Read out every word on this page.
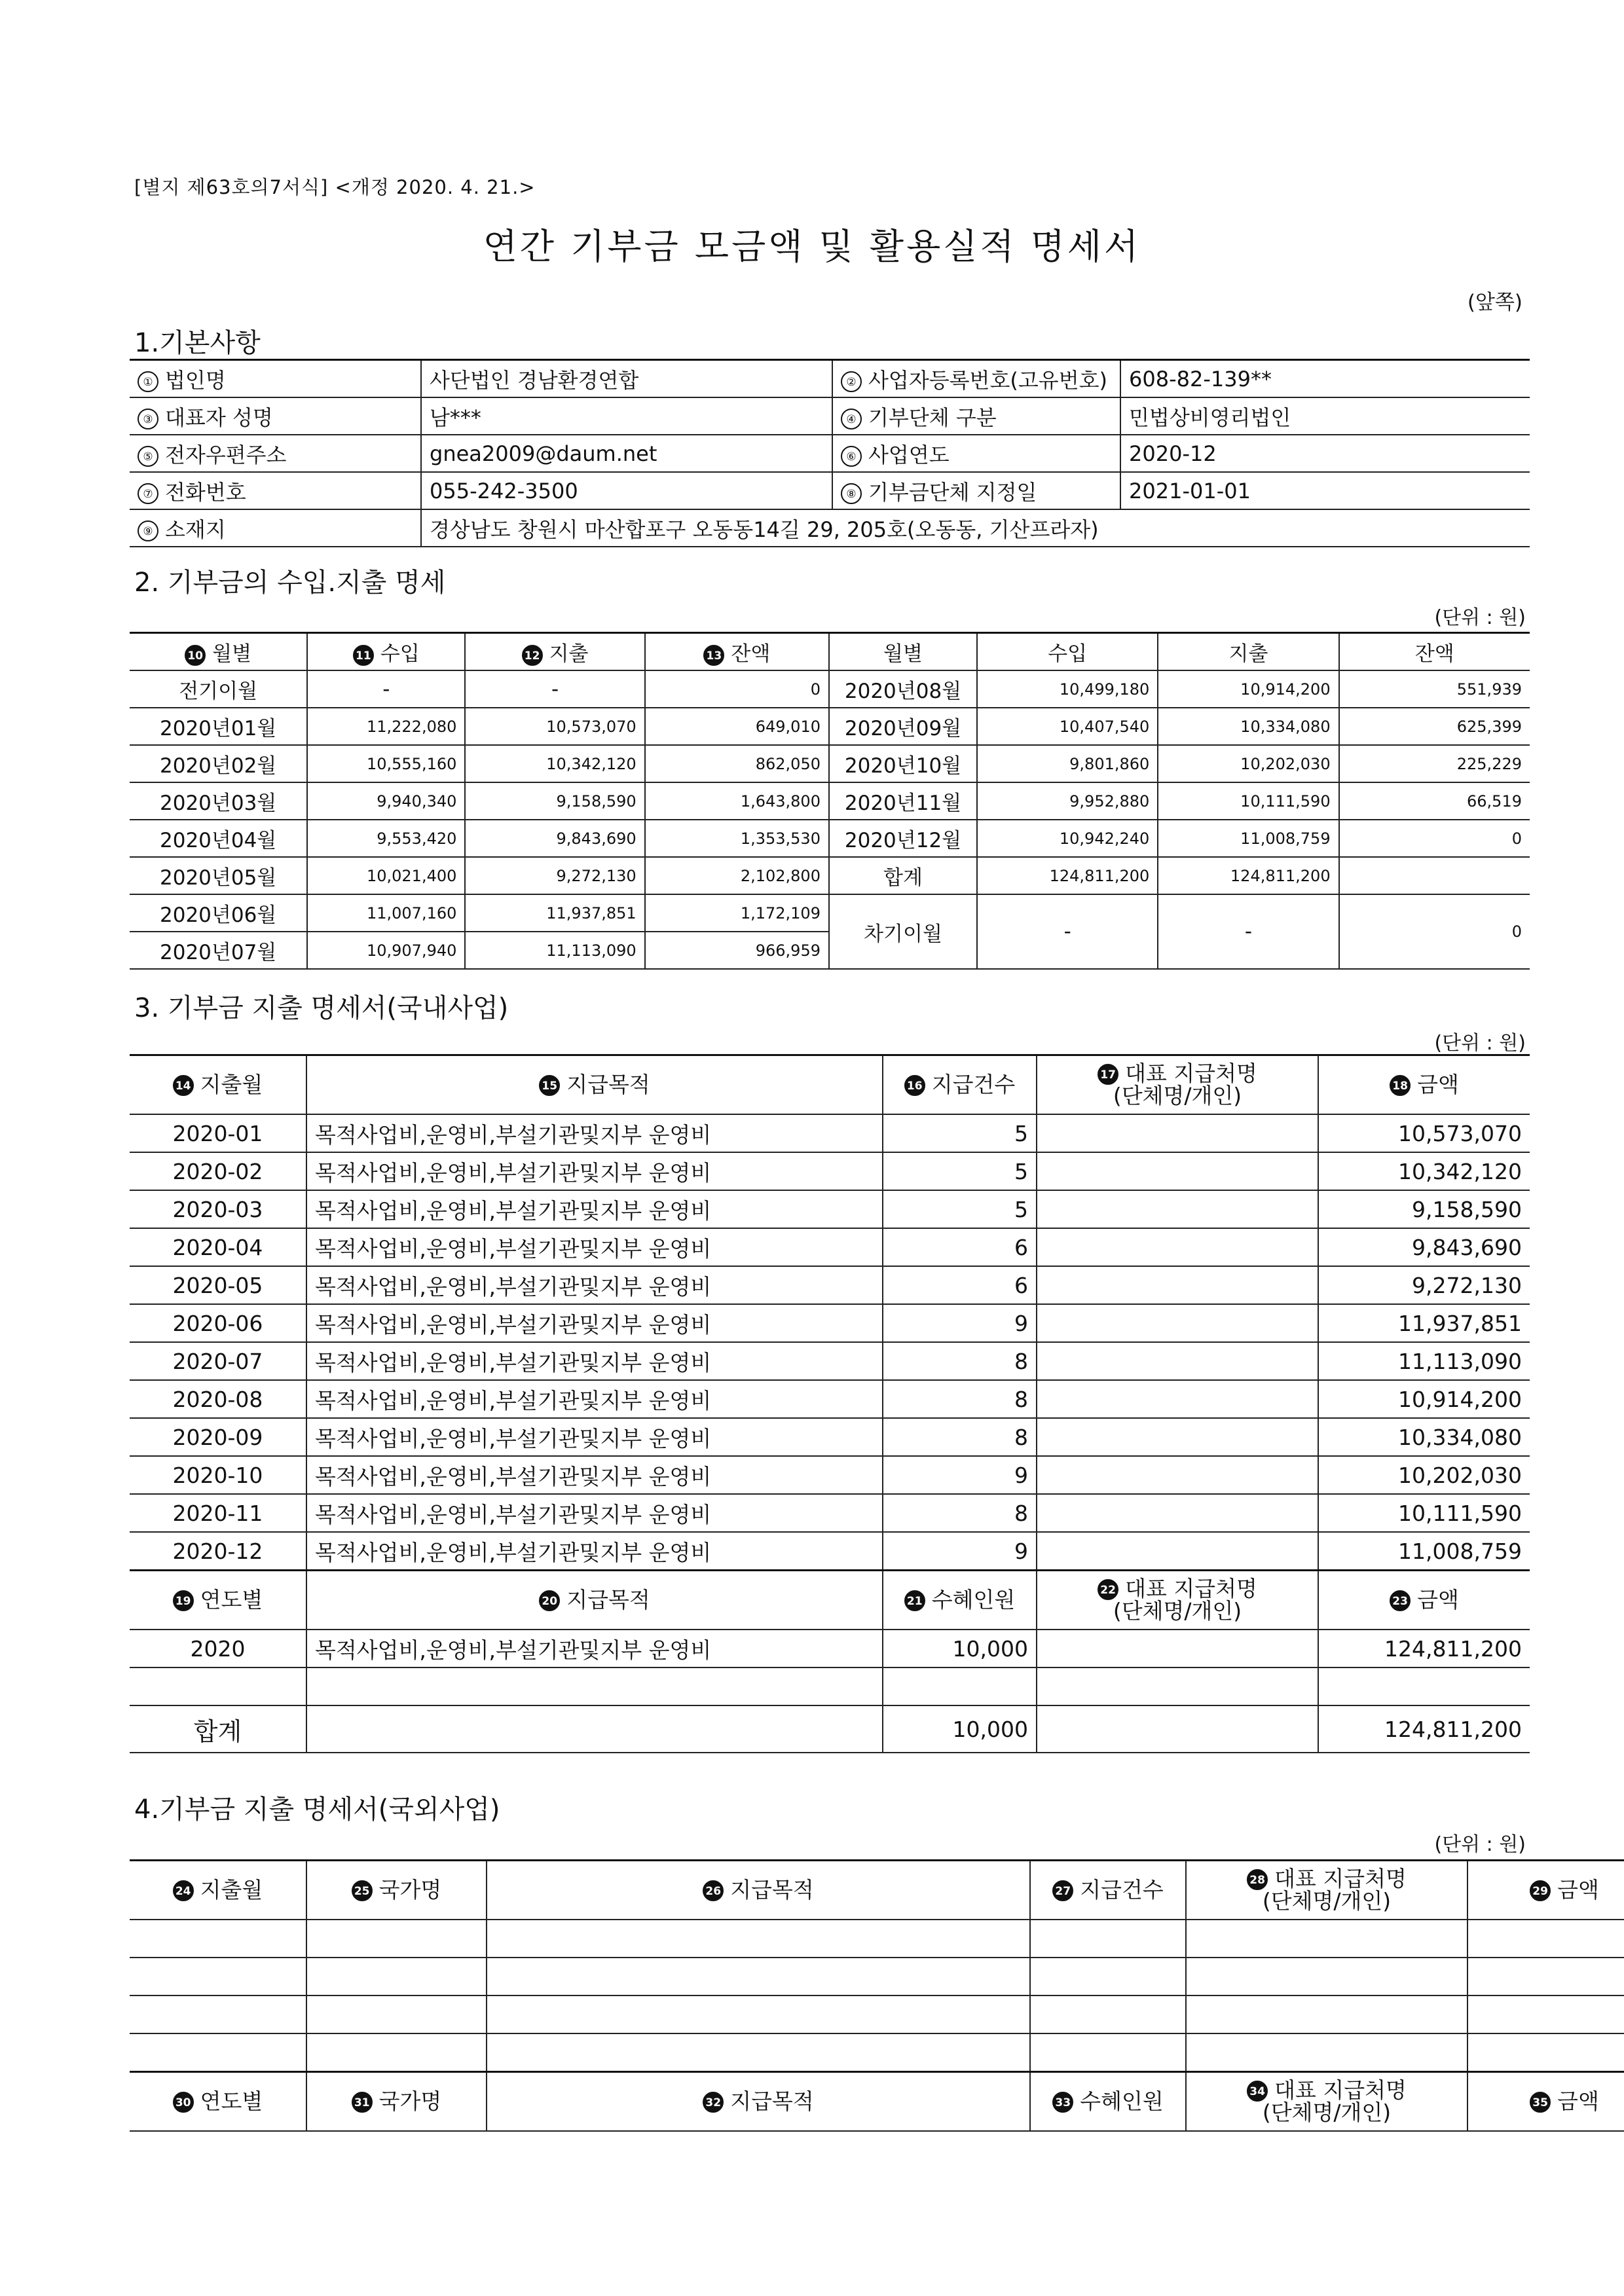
[별지 제63호의7서식] <개정 2020. 4. 21.>
연간 기부금 모금액 및 활용실적 명세서
(앞쪽)
1.기본사항
① 법인명	사단법인 경남환경연합	② 사업자등록번호(고유번호)	608-82-139**
③ 대표자 성명	남***	④ 기부단체 구분	민법상비영리법인
⑤ 전자우편주소	gnea2009@daum.net	⑥ 사업연도	2020-12
⑦ 전화번호	055-242-3500	⑧ 기부금단체 지정일	2021-01-01
⑨ 소재지	경상남도 창원시 마산합포구 오동동14길 29, 205호(오동동, 기산프라자)		
2. 기부금의 수입.지출 명세
(단위 : 원)
10 월별	11 수입	12 지출	13 잔액	월별	수입	지출	잔액
전기이월	-	-	0	2020년08월	10,499,180	10,914,200	551,939
2020년01월	11,222,080	10,573,070	649,010	2020년09월	10,407,540	10,334,080	625,399
2020년02월	10,555,160	10,342,120	862,050	2020년10월	9,801,860	10,202,030	225,229
2020년03월	9,940,340	9,158,590	1,643,800	2020년11월	9,952,880	10,111,590	66,519
2020년04월	9,553,420	9,843,690	1,353,530	2020년12월	10,942,240	11,008,759	0
2020년05월	10,021,400	9,272,130	2,102,800	합계	124,811,200	124,811,200	
2020년06월	11,007,160	11,937,851	1,172,109	차기이월	-	-	0
2020년07월	10,907,940	11,113,090	966,959				
3. 기부금 지출 명세서(국내사업)
(단위 : 원)
14 지출월	15 지급목적	16 지급건수	17 대표 지급처명
(단체명/개인)	18 금액
2020-01	목적사업비,운영비,부설기관및지부 운영비	5		10,573,070
2020-02	목적사업비,운영비,부설기관및지부 운영비	5		10,342,120
2020-03	목적사업비,운영비,부설기관및지부 운영비	5		9,158,590
2020-04	목적사업비,운영비,부설기관및지부 운영비	6		9,843,690
2020-05	목적사업비,운영비,부설기관및지부 운영비	6		9,272,130
2020-06	목적사업비,운영비,부설기관및지부 운영비	9		11,937,851
2020-07	목적사업비,운영비,부설기관및지부 운영비	8		11,113,090
2020-08	목적사업비,운영비,부설기관및지부 운영비	8		10,914,200
2020-09	목적사업비,운영비,부설기관및지부 운영비	8		10,334,080
2020-10	목적사업비,운영비,부설기관및지부 운영비	9		10,202,030
2020-11	목적사업비,운영비,부설기관및지부 운영비	8		10,111,590
2020-12	목적사업비,운영비,부설기관및지부 운영비	9		11,008,759
19 연도별	20 지급목적	21 수혜인원	22 대표 지급처명
(단체명/개인)	23 금액
2020	목적사업비,운영비,부설기관및지부 운영비	10,000		124,811,200

합계		10,000		124,811,200
4.기부금 지출 명세서(국외사업)
(단위 : 원)
24 지출월	25 국가명	26 지급목적	27 지급건수	28 대표 지급처명
(단체명/개인)	29 금액

30 연도별	31 국가명	32 지급목적	33 수혜인원	34 대표 지급처명
(단체명/개인)	35 금액
